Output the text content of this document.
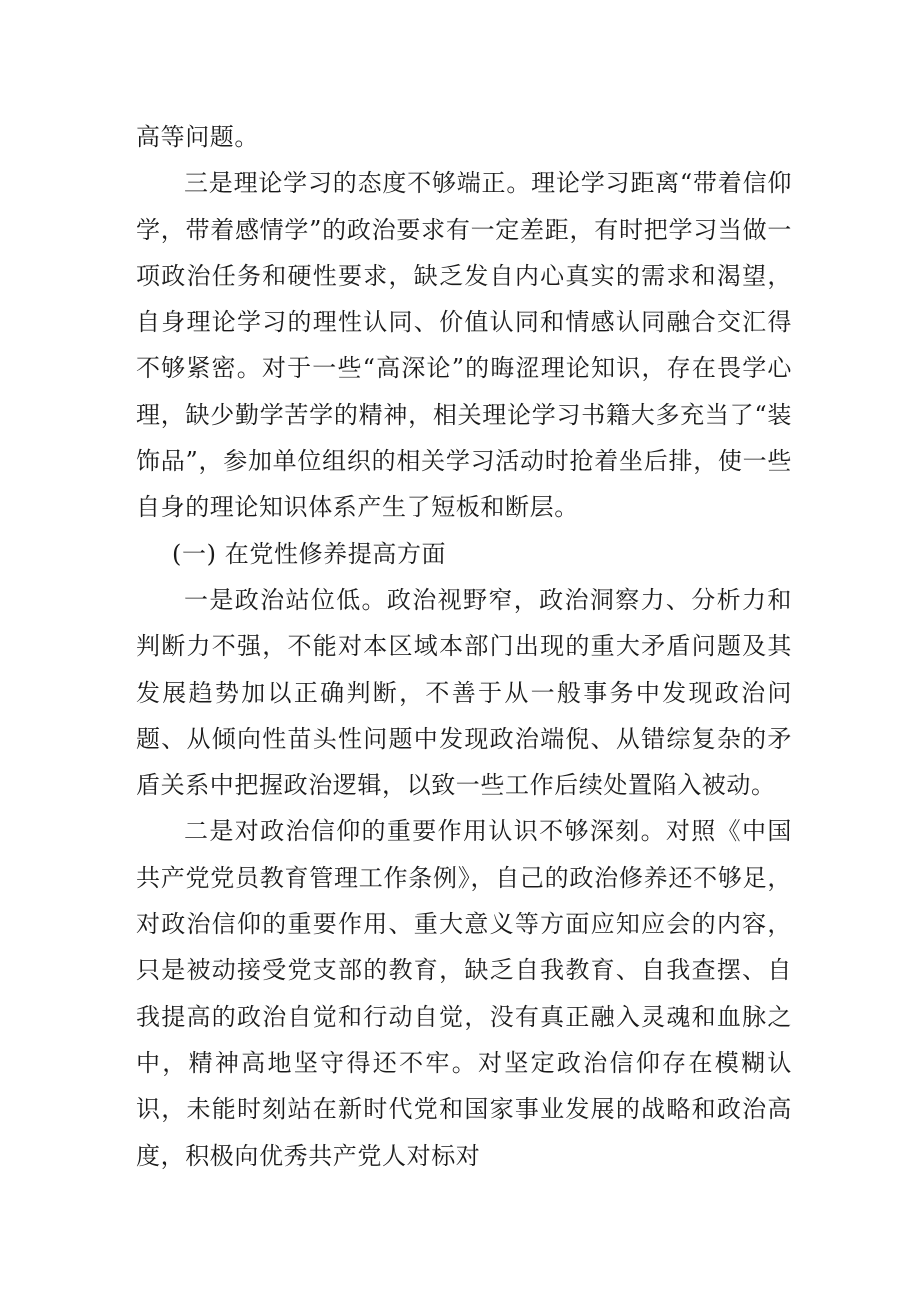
高等问题。

三是理论学习的态度不够端正。理论学习距离“带着信仰学，带着感情学”的政治要求有一定差距，有时把学习当做一项政治任务和硬性要求，缺乏发自内心真实的需求和渴望，自身理论学习的理性认同、价值认同和情感认同融合交汇得不够紧密。对于一些“高深论”的晦涩理论知识，存在畏学心理，缺少勤学苦学的精神，相关理论学习书籍大多充当了“装饰品”，参加单位组织的相关学习活动时抢着坐后排，使一些自身的理论知识体系产生了短板和断层。

(一) 在党性修养提高方面

一是政治站位低。政治视野窄，政治洞察力、分析力和判断力不强，不能对本区域本部门出现的重大矛盾问题及其发展趋势加以正确判断，不善于从一般事务中发现政治问题、从倾向性苗头性问题中发现政治端倪、从错综复杂的矛盾关系中把握政治逻辑，以致一些工作后续处置陷入被动。

二是对政治信仰的重要作用认识不够深刻。对照《中国共产党党员教育管理工作条例》，自己的政治修养还不够足，对政治信仰的重要作用、重大意义等方面应知应会的内容，只是被动接受党支部的教育，缺乏自我教育、自我查摆、自我提高的政治自觉和行动自觉，没有真正融入灵魂和血脉之中，精神高地坚守得还不牢。对坚定政治信仰存在模糊认识，未能时刻站在新时代党和国家事业发展的战略和政治高度，积极向优秀共产党人对标对
